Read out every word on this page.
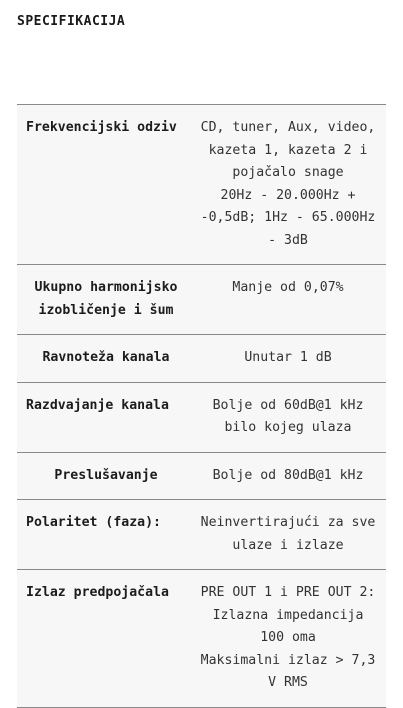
SPECIFIKACIJA
Frekvencijski odziv	CD, tuner, Aux, video, kazeta 1, kazeta 2 i pojačalo snage
20Hz - 20.000Hz + -0,5dB; 1Hz - 65.000Hz - 3dB

Ukupno harmonijsko izobličenje i šum	Manje od 0,07%

Ravnoteža kanala	Unutar 1 dB

Razdvajanje kanala	Bolje od 60dB@1 kHz bilo kojeg ulaza

Preslušavanje	Bolje od 80dB@1 kHz

Polaritet (faza):	Neinvertirajući za sve ulaze i izlaze

Izlaz predpojačala	PRE OUT 1 i PRE OUT 2: Izlazna impedancija 100 oma
Maksimalni izlaz > 7,3 V RMS
